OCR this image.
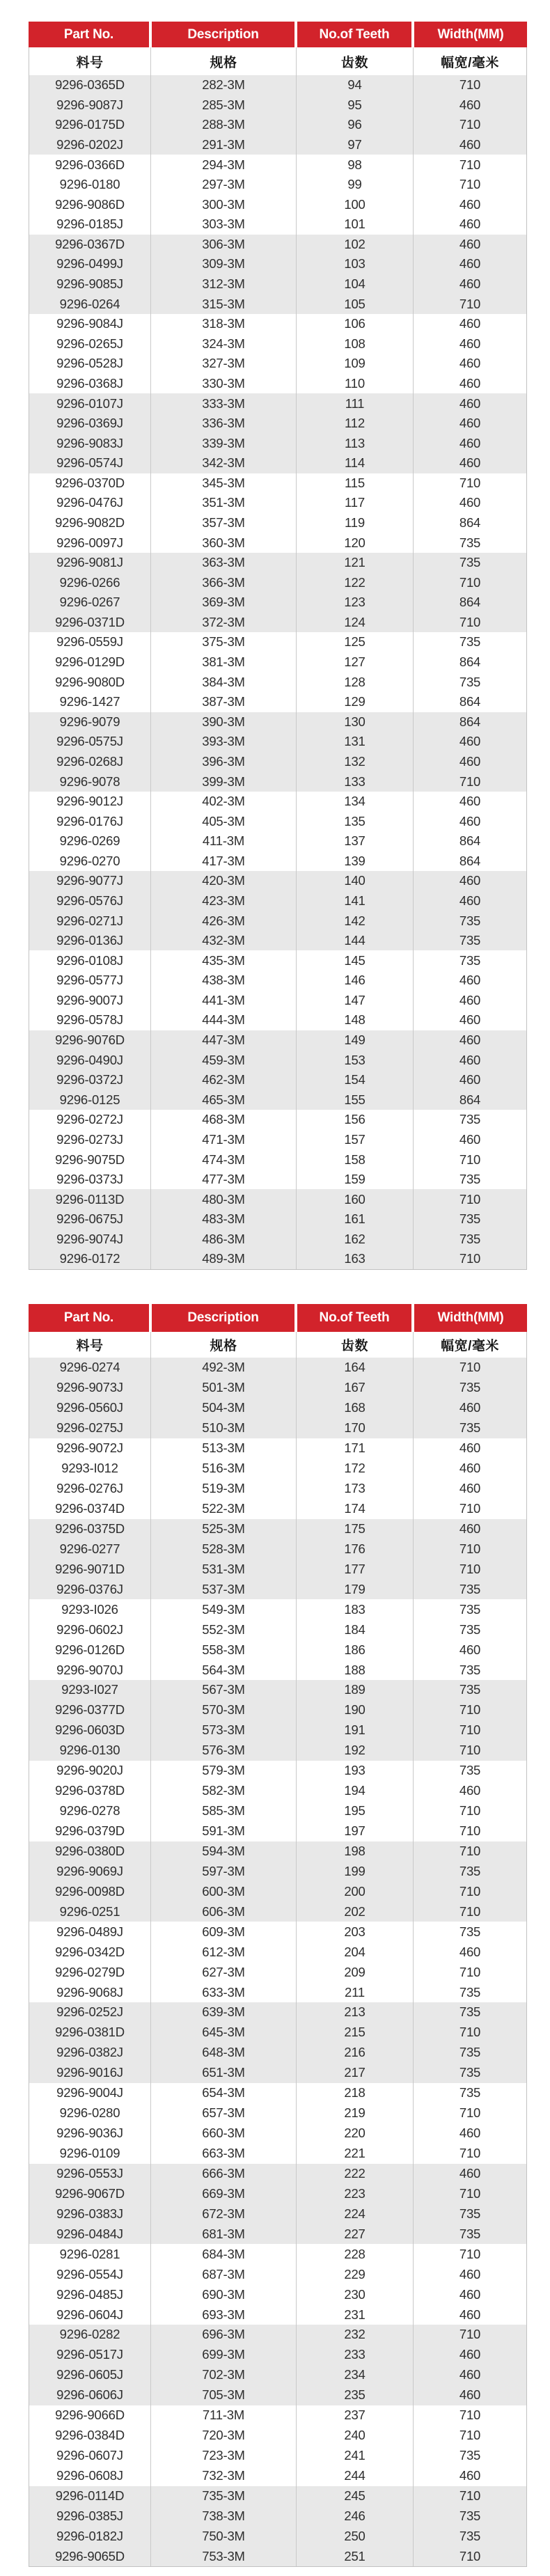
Part No.	Description	No.of Teeth	Width(MM)
料号	规格	齿数	幅宽/毫米
9296-0365D	282-3M	94	710
9296-9087J	285-3M	95	460
9296-0175D	288-3M	96	710
9296-0202J	291-3M	97	460
9296-0366D	294-3M	98	710
9296-0180	297-3M	99	710
9296-9086D	300-3M	100	460
9296-0185J	303-3M	101	460
9296-0367D	306-3M	102	460
9296-0499J	309-3M	103	460
9296-9085J	312-3M	104	460
9296-0264	315-3M	105	710
9296-9084J	318-3M	106	460
9296-0265J	324-3M	108	460
9296-0528J	327-3M	109	460
9296-0368J	330-3M	110	460
9296-0107J	333-3M	111	460
9296-0369J	336-3M	112	460
9296-9083J	339-3M	113	460
9296-0574J	342-3M	114	460
9296-0370D	345-3M	115	710
9296-0476J	351-3M	117	460
9296-9082D	357-3M	119	864
9296-0097J	360-3M	120	735
9296-9081J	363-3M	121	735
9296-0266	366-3M	122	710
9296-0267	369-3M	123	864
9296-0371D	372-3M	124	710
9296-0559J	375-3M	125	735
9296-0129D	381-3M	127	864
9296-9080D	384-3M	128	735
9296-1427	387-3M	129	864
9296-9079	390-3M	130	864
9296-0575J	393-3M	131	460
9296-0268J	396-3M	132	460
9296-9078	399-3M	133	710
9296-9012J	402-3M	134	460
9296-0176J	405-3M	135	460
9296-0269	411-3M	137	864
9296-0270	417-3M	139	864
9296-9077J	420-3M	140	460
9296-0576J	423-3M	141	460
9296-0271J	426-3M	142	735
9296-0136J	432-3M	144	735
9296-0108J	435-3M	145	735
9296-0577J	438-3M	146	460
9296-9007J	441-3M	147	460
9296-0578J	444-3M	148	460
9296-9076D	447-3M	149	460
9296-0490J	459-3M	153	460
9296-0372J	462-3M	154	460
9296-0125	465-3M	155	864
9296-0272J	468-3M	156	735
9296-0273J	471-3M	157	460
9296-9075D	474-3M	158	710
9296-0373J	477-3M	159	735
9296-0113D	480-3M	160	710
9296-0675J	483-3M	161	735
9296-9074J	486-3M	162	735
9296-0172	489-3M	163	710
Part No.	Description	No.of Teeth	Width(MM)
料号	规格	齿数	幅宽/毫米
9296-0274	492-3M	164	710
9296-9073J	501-3M	167	735
9296-0560J	504-3M	168	460
9296-0275J	510-3M	170	735
9296-9072J	513-3M	171	460
9293-I012	516-3M	172	460
9296-0276J	519-3M	173	460
9296-0374D	522-3M	174	710
9296-0375D	525-3M	175	460
9296-0277	528-3M	176	710
9296-9071D	531-3M	177	710
9296-0376J	537-3M	179	735
9293-I026	549-3M	183	735
9296-0602J	552-3M	184	735
9296-0126D	558-3M	186	460
9296-9070J	564-3M	188	735
9293-I027	567-3M	189	735
9296-0377D	570-3M	190	710
9296-0603D	573-3M	191	710
9296-0130	576-3M	192	710
9296-9020J	579-3M	193	735
9296-0378D	582-3M	194	460
9296-0278	585-3M	195	710
9296-0379D	591-3M	197	710
9296-0380D	594-3M	198	710
9296-9069J	597-3M	199	735
9296-0098D	600-3M	200	710
9296-0251	606-3M	202	710
9296-0489J	609-3M	203	735
9296-0342D	612-3M	204	460
9296-0279D	627-3M	209	710
9296-9068J	633-3M	211	735
9296-0252J	639-3M	213	735
9296-0381D	645-3M	215	710
9296-0382J	648-3M	216	735
9296-9016J	651-3M	217	735
9296-9004J	654-3M	218	735
9296-0280	657-3M	219	710
9296-9036J	660-3M	220	460
9296-0109	663-3M	221	710
9296-0553J	666-3M	222	460
9296-9067D	669-3M	223	710
9296-0383J	672-3M	224	735
9296-0484J	681-3M	227	735
9296-0281	684-3M	228	710
9296-0554J	687-3M	229	460
9296-0485J	690-3M	230	460
9296-0604J	693-3M	231	460
9296-0282	696-3M	232	710
9296-0517J	699-3M	233	460
9296-0605J	702-3M	234	460
9296-0606J	705-3M	235	460
9296-9066D	711-3M	237	710
9296-0384D	720-3M	240	710
9296-0607J	723-3M	241	735
9296-0608J	732-3M	244	460
9296-0114D	735-3M	245	710
9296-0385J	738-3M	246	735
9296-0182J	750-3M	250	735
9296-9065D	753-3M	251	710
